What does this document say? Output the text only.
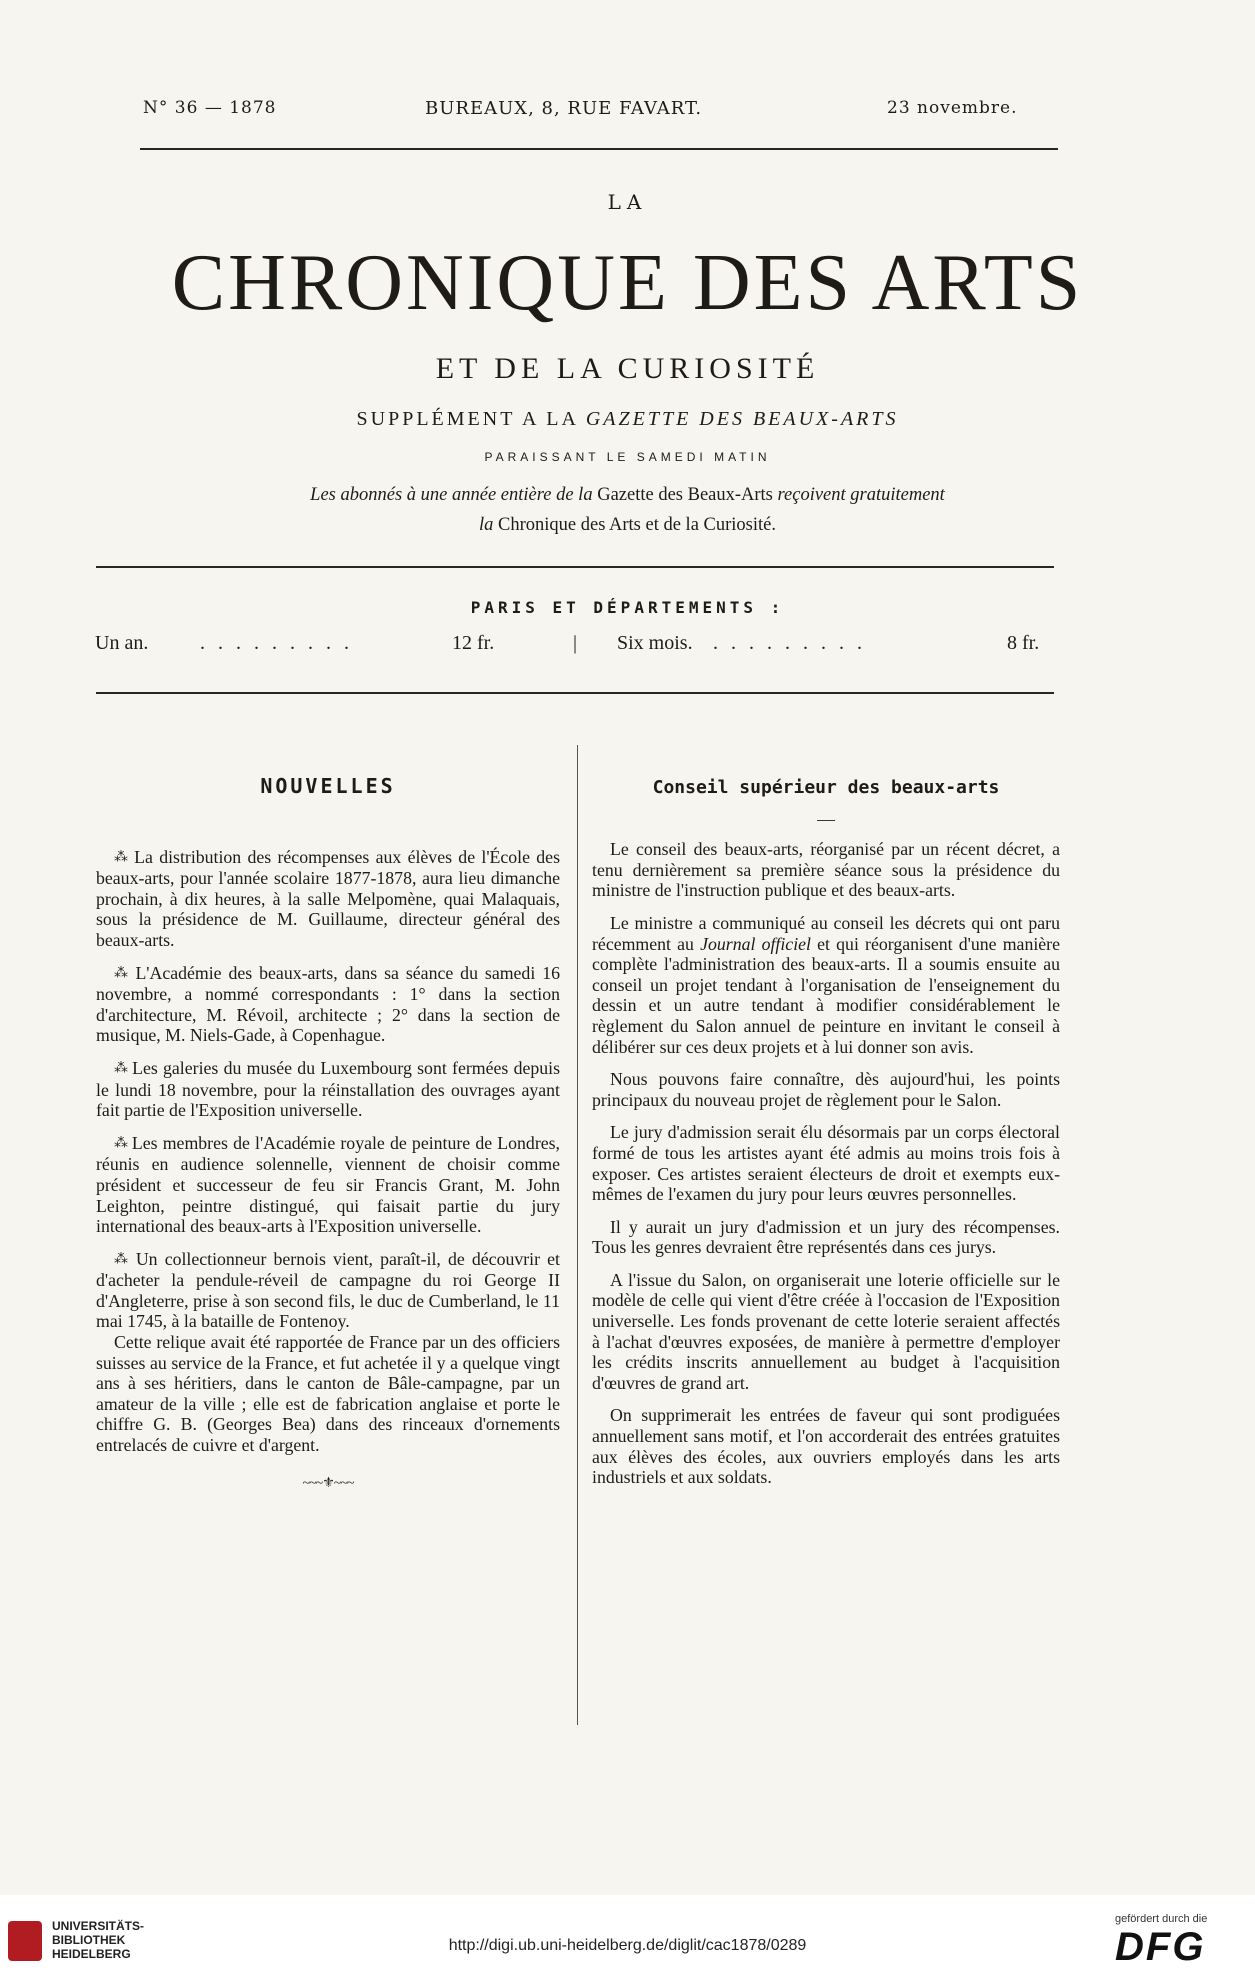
N° 36 — 1878	BUREAUX, 8, RUE FAVART.	23 novembre.
LA
CHRONIQUE DES ARTS
ET DE LA CURIOSITÉ
SUPPLÉMENT A LA GAZETTE DES BEAUX-ARTS
PARAISSANT LE SAMEDI MATIN
Les abonnés à une année entière de la Gazette des Beaux-Arts reçoivent gratuitement
la Chronique des Arts et de la Curiosité.
PARIS ET DÉPARTEMENTS :
Un an.	. . . . . . . . .	12 fr.	| Six mois. . . . . . . . . .	8 fr.
NOUVELLES

⁂ La distribution des récompenses aux élèves de l'École des beaux-arts, pour l'année scolaire 1877-1878, aura lieu dimanche prochain, à dix heures, à la salle Melpomène, quai Malaquais, sous la présidence de M. Guillaume, directeur général des beaux-arts.

⁂ L'Académie des beaux-arts, dans sa séance du samedi 16 novembre, a nommé correspondants : 1° dans la section d'architecture, M. Révoil, architecte ; 2° dans la section de musique, M. Niels-Gade, à Copenhague.

⁂ Les galeries du musée du Luxembourg sont fermées depuis le lundi 18 novembre, pour la réinstallation des ouvrages ayant fait partie de l'Exposition universelle.

⁂ Les membres de l'Académie royale de peinture de Londres, réunis en audience solennelle, viennent de choisir comme président et successeur de feu sir Francis Grant, M. John Leighton, peintre distingué, qui faisait partie du jury international des beaux-arts à l'Exposition universelle.

⁂ Un collectionneur bernois vient, paraît-il, de découvrir et d'acheter la pendule-réveil de campagne du roi George II d'Angleterre, prise à son second fils, le duc de Cumberland, le 11 mai 1745, à la bataille de Fontenoy.

Cette relique avait été rapportée de France par un des officiers suisses au service de la France, et fut achetée il y a quelque vingt ans à ses héritiers, dans le canton de Bâle-campagne, par un amateur de la ville ; elle est de fabrication anglaise et porte le chiffre G. B. (Georges Bea) dans des rinceaux d'ornements entrelacés de cuivre et d'argent.

~~~⚜~~~
Conseil supérieur des beaux-arts
—

Le conseil des beaux-arts, réorganisé par un récent décret, a tenu dernièrement sa première séance sous la présidence du ministre de l'instruction publique et des beaux-arts.

Le ministre a communiqué au conseil les décrets qui ont paru récemment au Journal officiel et qui réorganisent d'une manière complète l'administration des beaux-arts. Il a soumis ensuite au conseil un projet tendant à l'organisation de l'enseignement du dessin et un autre tendant à modifier considérablement le règlement du Salon annuel de peinture en invitant le conseil à délibérer sur ces deux projets et à lui donner son avis.

Nous pouvons faire connaître, dès aujourd'hui, les points principaux du nouveau projet de règlement pour le Salon.

Le jury d'admission serait élu désormais par un corps électoral formé de tous les artistes ayant été admis au moins trois fois à exposer. Ces artistes seraient électeurs de droit et exempts eux-mêmes de l'examen du jury pour leurs œuvres personnelles.

Il y aurait un jury d'admission et un jury des récompenses. Tous les genres devraient être représentés dans ces jurys.

A l'issue du Salon, on organiserait une loterie officielle sur le modèle de celle qui vient d'être créée à l'occasion de l'Exposition universelle. Les fonds provenant de cette loterie seraient affectés à l'achat d'œuvres exposées, de manière à permettre d'employer les crédits inscrits annuellement au budget à l'acquisition d'œuvres de grand art.

On supprimerait les entrées de faveur qui sont prodiguées annuellement sans motif, et l'on accorderait des entrées gratuites aux élèves des écoles, aux ouvriers employés dans les arts industriels et aux soldats.

UNIVERSITÄTS-
BIBLIOTHEK
HEIDELBERG	http://digi.ub.uni-heidelberg.de/diglit/cac1878/0289
gefördert durch die
DFG
